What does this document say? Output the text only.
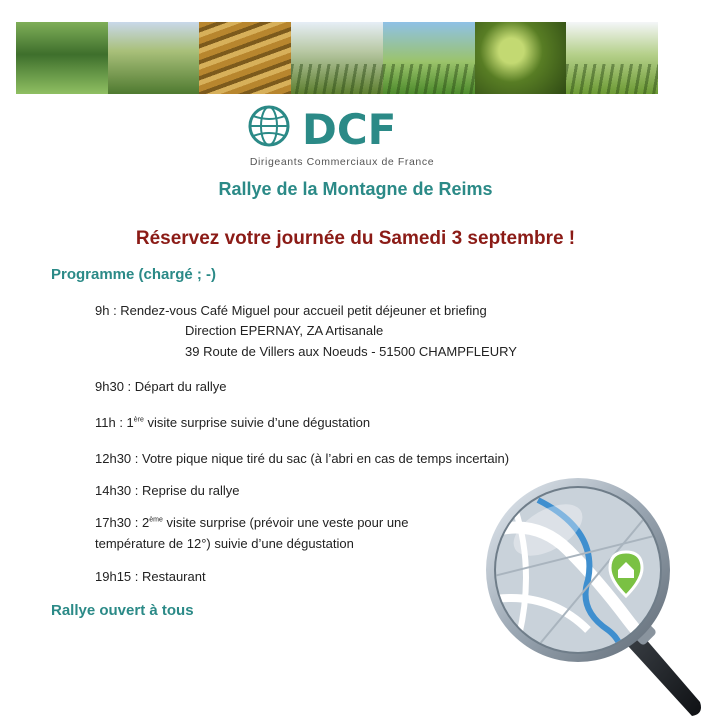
DCF
Dirigeants Commerciaux de France
Rallye de la Montagne de Reims
Réservez votre journée du Samedi 3 septembre !
Programme (chargé ; -)
9h : Rendez-vous Café Miguel pour accueil petit déjeuner et briefing
Direction EPERNAY, ZA Artisanale
39 Route de Villers aux Noeuds - 51500 CHAMPFLEURY
9h30 : Départ du rallye
11h : 1ère visite surprise suivie d’une dégustation
12h30 : Votre pique nique tiré du sac (à l’abri en cas de temps incertain)
14h30 : Reprise du rallye
17h30 : 2ème visite surprise (prévoir une veste pour une
température de 12°) suivie d’une dégustation
19h15 : Restaurant
Rallye ouvert à tous
